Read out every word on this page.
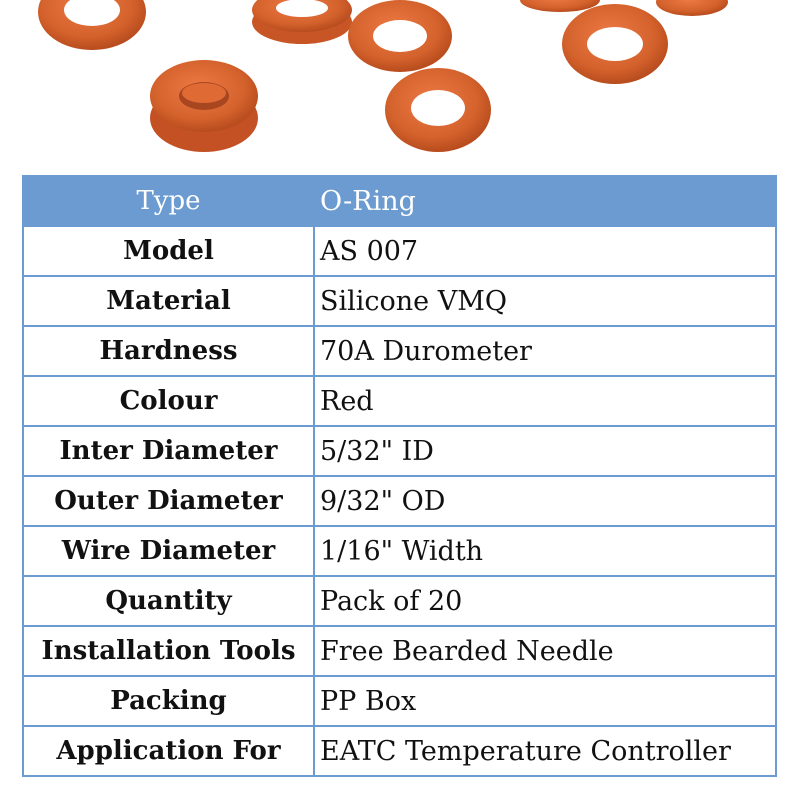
Type	O-Ring
Model	AS 007
Material	Silicone VMQ
Hardness	70A Durometer
Colour	Red
Inter Diameter	5/32" ID
Outer Diameter	9/32" OD
Wire Diameter	1/16" Width
Quantity	Pack of 20
Installation Tools	Free Bearded Needle
Packing	PP Box
Application For	EATC Temperature Controller
